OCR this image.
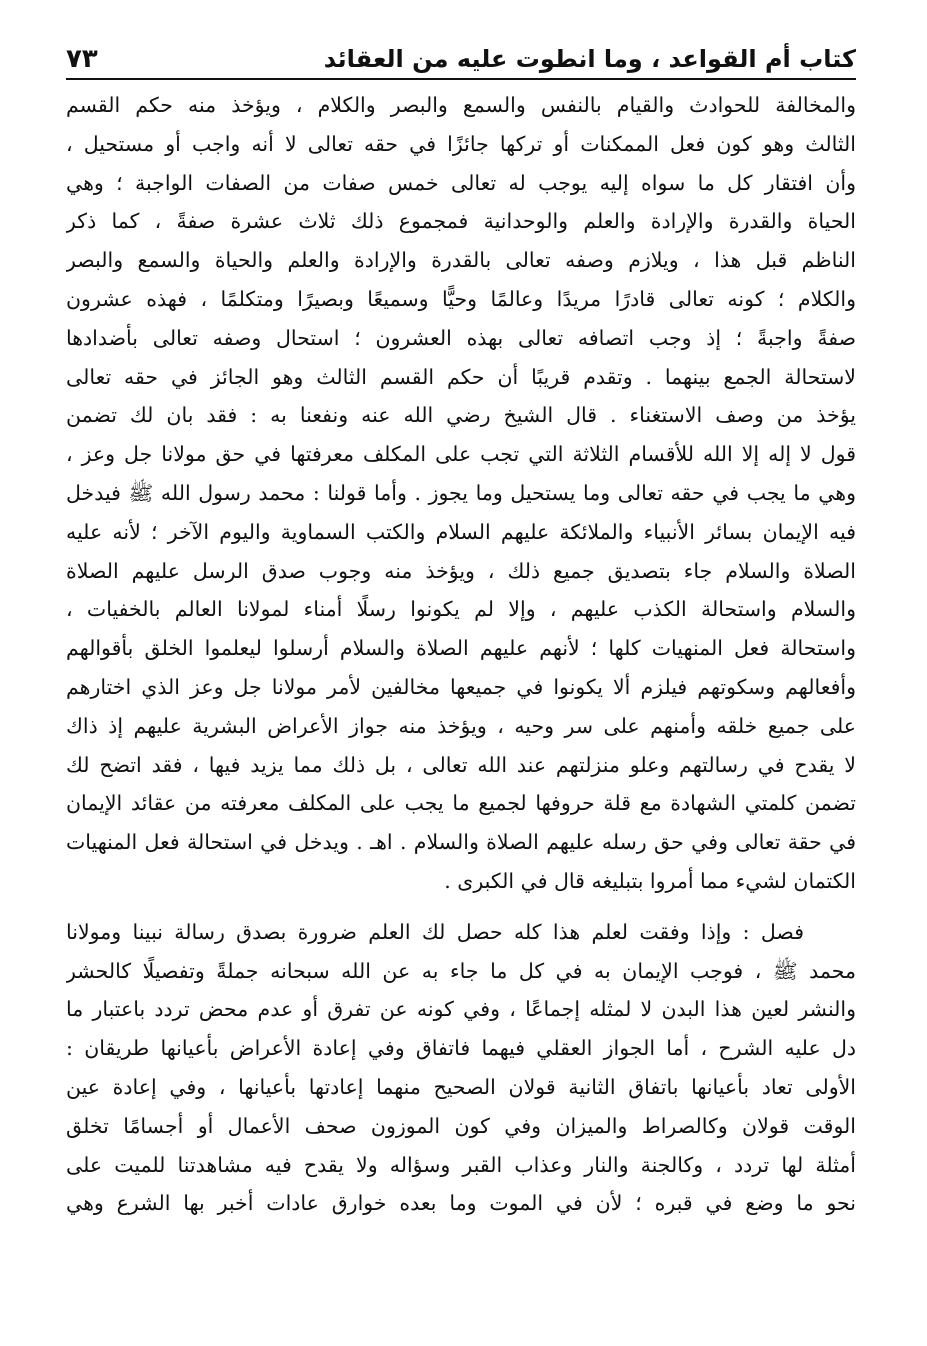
كتاب أم القواعد ، وما انطوت عليه من العقائد
٧٣
والمخالفة للحوادث والقيام بالنفس والسمع والبصر والكلام ، ويؤخذ منه حكم القسم
الثالث وهو كون فعل الممكنات أو تركها جائزًا في حقه تعالى لا أنه واجب أو مستحيل ،
وأن افتقار كل ما سواه إليه يوجب له تعالى خمس صفات من الصفات الواجبة ؛ وهي
الحياة والقدرة والإرادة والعلم والوحدانية فمجموع ذلك ثلاث عشرة صفةً ، كما ذكر
الناظم قبل هذا ، ويلازم وصفه تعالى بالقدرة والإرادة والعلم والحياة والسمع والبصر
والكلام ؛ كونه تعالى قادرًا مريدًا وعالمًا وحيًّا وسميعًا وبصيرًا ومتكلمًا ، فهذه عشرون
صفةً واجبةً ؛ إذ وجب اتصافه تعالى بهذه العشرون ؛ استحال وصفه تعالى بأضدادها
لاستحالة الجمع بينهما . وتقدم قريبًا أن حكم القسم الثالث وهو الجائز في حقه تعالى
يؤخذ من وصف الاستغناء . قال الشيخ رضي الله عنه ونفعنا به : فقد بان لك تضمن
قول لا إله إلا الله للأقسام الثلاثة التي تجب على المكلف معرفتها في حق مولانا جل وعز ،
وهي ما يجب في حقه تعالى وما يستحيل وما يجوز . وأما قولنا : محمد رسول الله ﷺ فيدخل
فيه الإيمان بسائر الأنبياء والملائكة عليهم السلام والكتب السماوية واليوم الآخر ؛ لأنه عليه
الصلاة والسلام جاء بتصديق جميع ذلك ، ويؤخذ منه وجوب صدق الرسل عليهم الصلاة
والسلام واستحالة الكذب عليهم ، وإلا لم يكونوا رسلًا أمناء لمولانا العالم بالخفيات ،
واستحالة فعل المنهيات كلها ؛ لأنهم عليهم الصلاة والسلام أرسلوا ليعلموا الخلق بأقوالهم
وأفعالهم وسكوتهم فيلزم ألا يكونوا في جميعها مخالفين لأمر مولانا جل وعز الذي اختارهم
على جميع خلقه وأمنهم على سر وحيه ، ويؤخذ منه جواز الأعراض البشرية عليهم إذ ذاك
لا يقدح في رسالتهم وعلو منزلتهم عند الله تعالى ، بل ذلك مما يزيد فيها ، فقد اتضح لك
تضمن كلمتي الشهادة مع قلة حروفها لجميع ما يجب على المكلف معرفته من عقائد الإيمان
في حقة تعالى وفي حق رسله عليهم الصلاة والسلام . اهـ . ويدخل في استحالة فعل المنهيات
الكتمان لشيء مما أمروا بتبليغه قال في الكبرى .
فصل : وإذا وفقت لعلم هذا كله حصل لك العلم ضرورة بصدق رسالة نبينا ومولانا
محمد ﷺ ، فوجب الإيمان به في كل ما جاء به عن الله سبحانه جملةً وتفصيلًا كالحشر
والنشر لعين هذا البدن لا لمثله إجماعًا ، وفي كونه عن تفرق أو عدم محض تردد باعتبار ما
دل عليه الشرح ، أما الجواز العقلي فيهما فاتفاق وفي إعادة الأعراض بأعيانها طريقان :
الأولى تعاد بأعيانها باتفاق الثانية قولان الصحيح منهما إعادتها بأعيانها ، وفي إعادة عين
الوقت قولان وكالصراط والميزان وفي كون الموزون صحف الأعمال أو أجسامًا تخلق
أمثلة لها تردد ، وكالجنة والنار وعذاب القبر وسؤاله ولا يقدح فيه مشاهدتنا للميت على
نحو ما وضع في قبره ؛ لأن في الموت وما بعده خوارق عادات أخبر بها الشرع وهي
